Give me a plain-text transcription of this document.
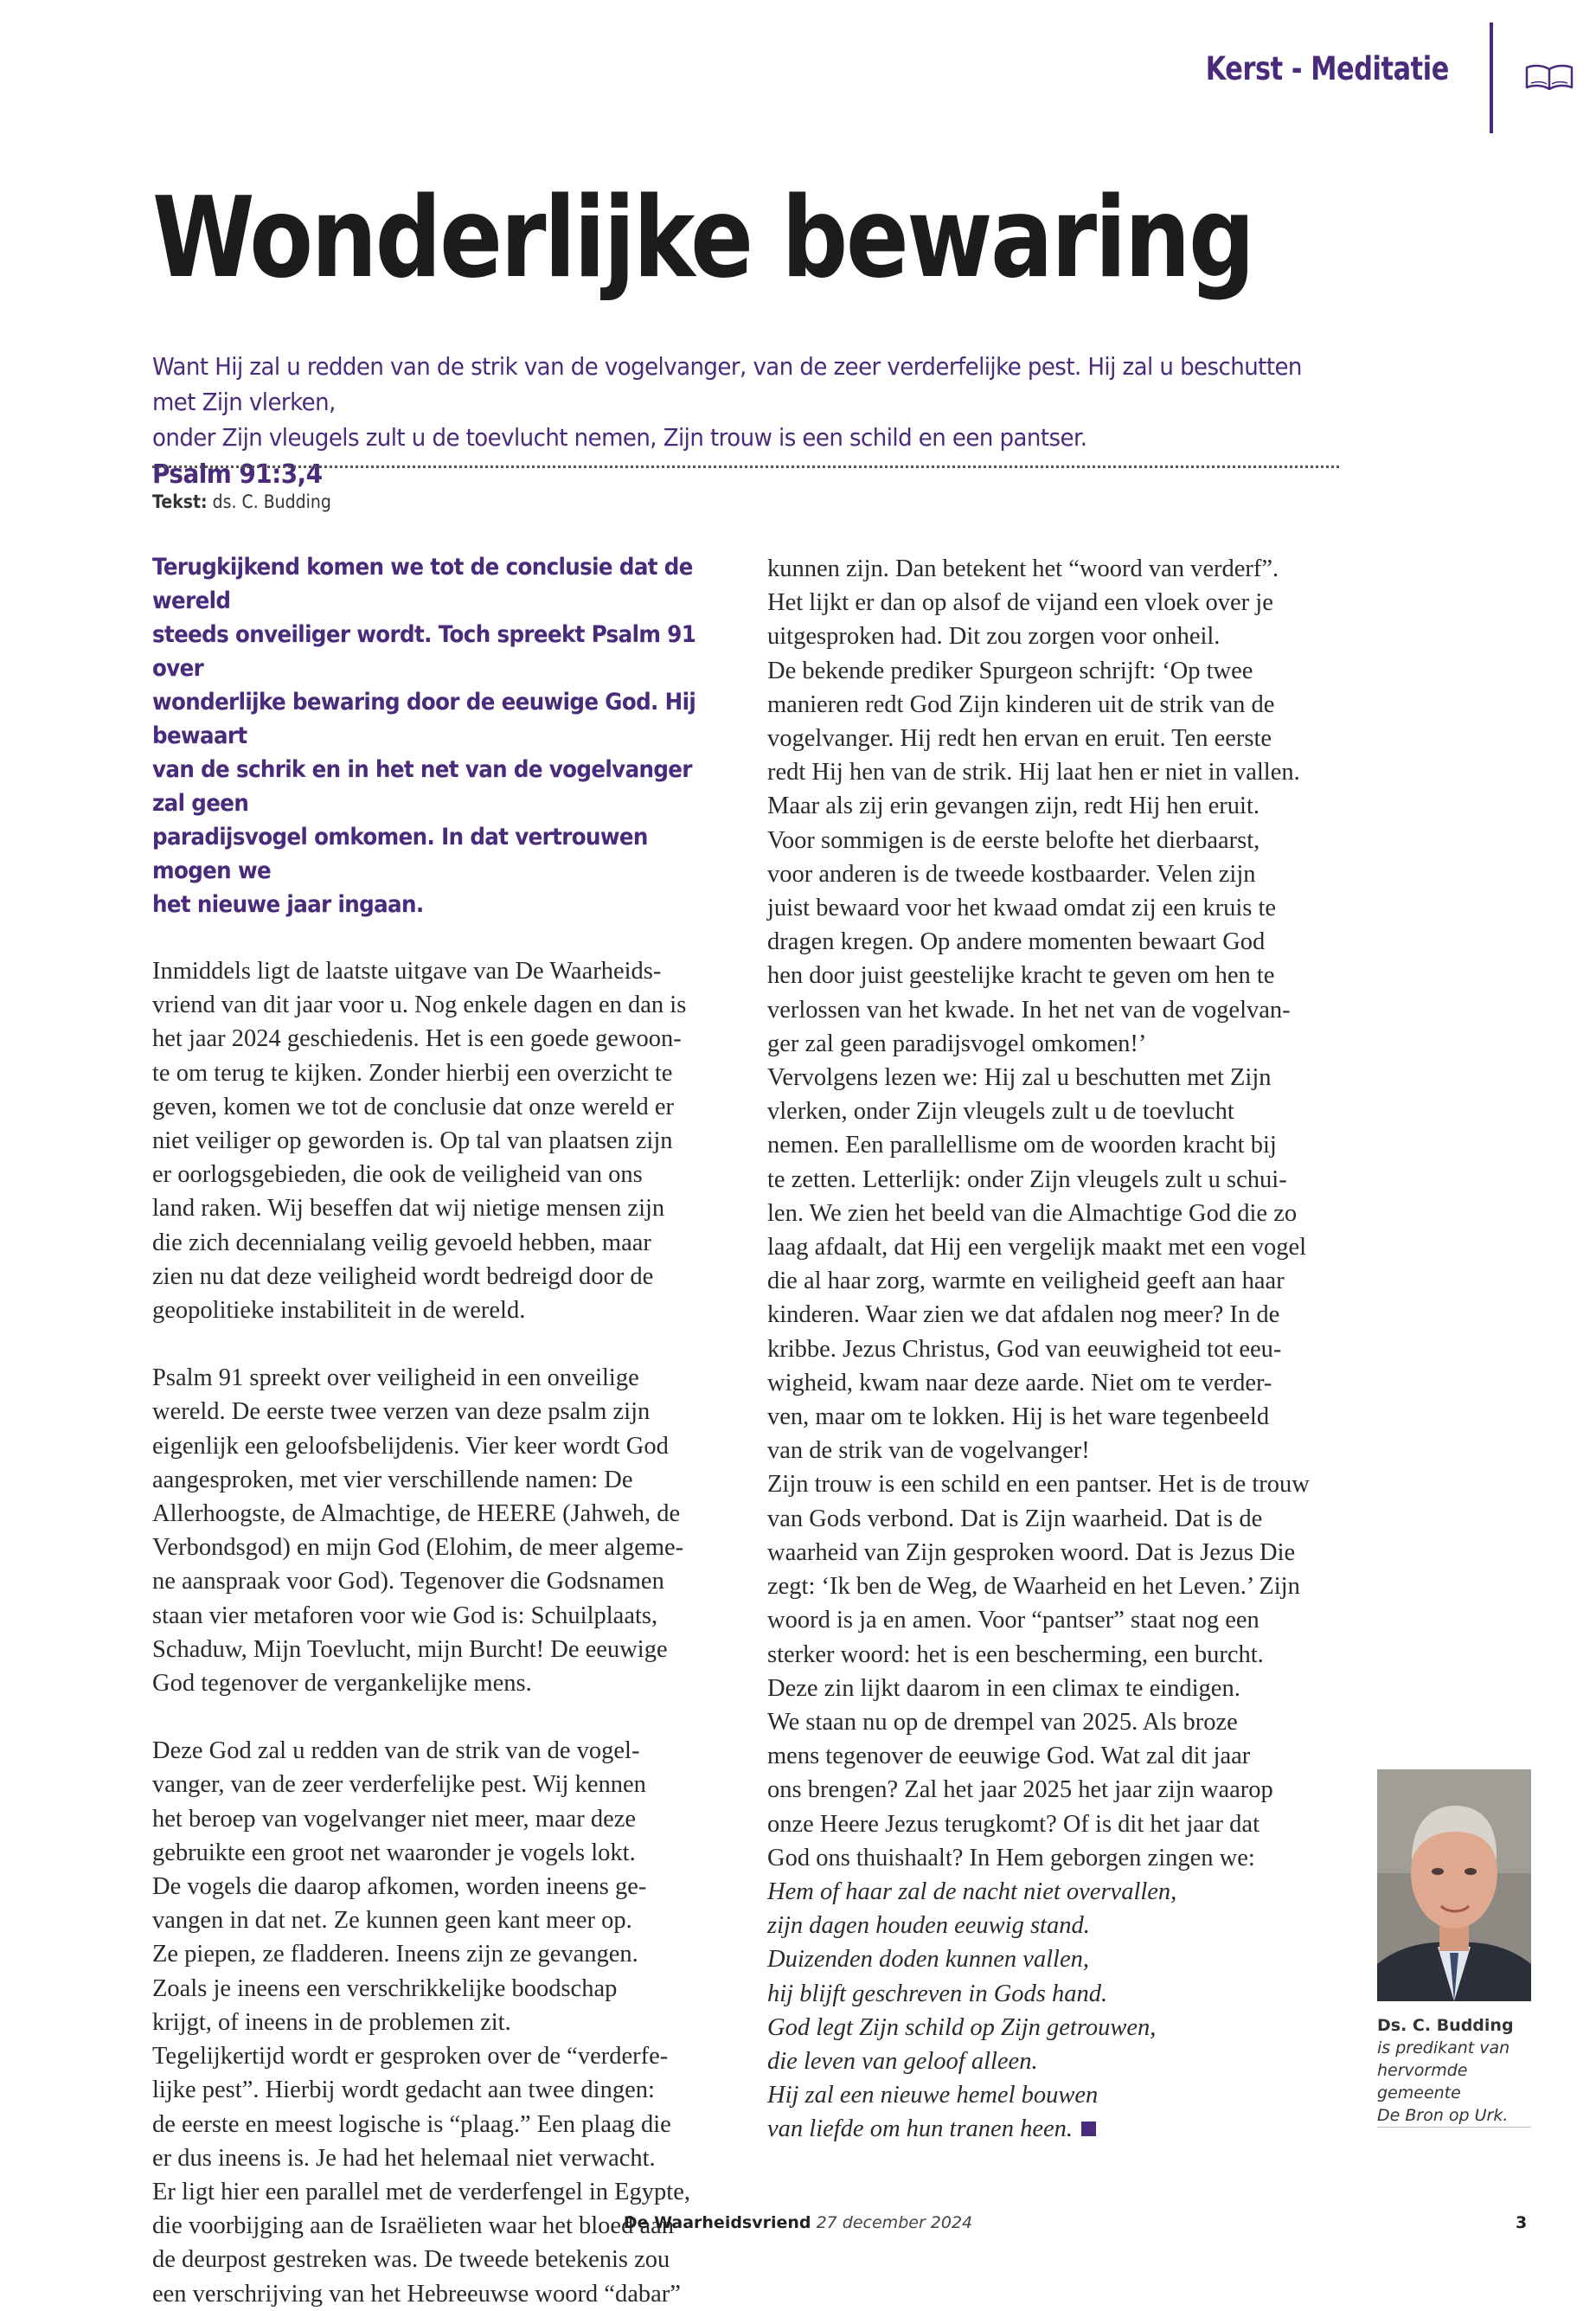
Kerst - Meditatie
Wonderlijke bewaring
Want Hij zal u redden van de strik van de vogelvanger, van de zeer verderfelijke pest. Hij zal u beschutten met Zijn vlerken,
onder Zijn vleugels zult u de toevlucht nemen, Zijn trouw is een schild en een pantser.
Psalm 91:3,4
Tekst: ds. C. Budding
Terugkijkend komen we tot de conclusie dat de wereld
steeds onveiliger wordt. Toch spreekt Psalm 91 over
wonderlijke bewaring door de eeuwige God. Hij bewaart
van de schrik en in het net van de vogelvanger zal geen
paradijsvogel omkomen. In dat vertrouwen mogen we
het nieuwe jaar ingaan.
Inmiddels ligt de laatste uitgave van De Waarheids-
vriend van dit jaar voor u. Nog enkele dagen en dan is
het jaar 2024 geschiedenis. Het is een goede gewoon-
te om terug te kijken. Zonder hierbij een overzicht te
geven, komen we tot de conclusie dat onze wereld er
niet veiliger op geworden is. Op tal van plaatsen zijn
er oorlogsgebieden, die ook de veiligheid van ons
land raken. Wij beseffen dat wij nietige mensen zijn
die zich decennialang veilig gevoeld hebben, maar
zien nu dat deze veiligheid wordt bedreigd door de
geopolitieke instabiliteit in de wereld.
Psalm 91 spreekt over veiligheid in een onveilige
wereld. De eerste twee verzen van deze psalm zijn
eigenlijk een geloofsbelijdenis. Vier keer wordt God
aangesproken, met vier verschillende namen: De
Allerhoogste, de Almachtige, de HEERE (Jahweh, de
Verbondsgod) en mijn God (Elohim, de meer algeme-
ne aanspraak voor God). Tegenover die Godsnamen
staan vier metaforen voor wie God is: Schuilplaats,
Schaduw, Mijn Toevlucht, mijn Burcht! De eeuwige
God tegenover de vergankelijke mens.
Deze God zal u redden van de strik van de vogel-
vanger, van de zeer verderfelijke pest. Wij kennen
het beroep van vogelvanger niet meer, maar deze
gebruikte een groot net waaronder je vogels lokt.
De vogels die daarop afkomen, worden ineens ge-
vangen in dat net. Ze kunnen geen kant meer op.
Ze piepen, ze fladderen. Ineens zijn ze gevangen.
Zoals je ineens een verschrikkelijke boodschap
krijgt, of ineens in de problemen zit.
Tegelijkertijd wordt er gesproken over de “verderfe-
lijke pest”. Hierbij wordt gedacht aan twee dingen:
de eerste en meest logische is “plaag.” Een plaag die
er dus ineens is. Je had het helemaal niet verwacht.
Er ligt hier een parallel met de verderfengel in Egypte,
die voorbijging aan de Israëlieten waar het bloed aan
de deurpost gestreken was. De tweede betekenis zou
een verschrijving van het Hebreeuwse woord “dabar”
kunnen zijn. Dan betekent het “woord van verderf”.
Het lijkt er dan op alsof de vijand een vloek over je
uitgesproken had. Dit zou zorgen voor onheil.
De bekende prediker Spurgeon schrijft: ‘Op twee
manieren redt God Zijn kinderen uit de strik van de
vogelvanger. Hij redt hen ervan en eruit. Ten eerste
redt Hij hen van de strik. Hij laat hen er niet in vallen.
Maar als zij erin gevangen zijn, redt Hij hen eruit.
Voor sommigen is de eerste belofte het dierbaarst,
voor anderen is de tweede kostbaarder. Velen zijn
juist bewaard voor het kwaad omdat zij een kruis te
dragen kregen. Op andere momenten bewaart God
hen door juist geestelijke kracht te geven om hen te
verlossen van het kwade. In het net van de vogelvan-
ger zal geen paradijsvogel omkomen!’
Vervolgens lezen we: Hij zal u beschutten met Zijn
vlerken, onder Zijn vleugels zult u de toevlucht
nemen. Een parallellisme om de woorden kracht bij
te zetten. Letterlijk: onder Zijn vleugels zult u schui-
len. We zien het beeld van die Almachtige God die zo
laag afdaalt, dat Hij een vergelijk maakt met een vogel
die al haar zorg, warmte en veiligheid geeft aan haar
kinderen. Waar zien we dat afdalen nog meer? In de
kribbe. Jezus Christus, God van eeuwigheid tot eeu-
wigheid, kwam naar deze aarde. Niet om te verder-
ven, maar om te lokken. Hij is het ware tegenbeeld
van de strik van de vogelvanger!
Zijn trouw is een schild en een pantser. Het is de trouw
van Gods verbond. Dat is Zijn waarheid. Dat is de
waarheid van Zijn gesproken woord. Dat is Jezus Die
zegt: ‘Ik ben de Weg, de Waarheid en het Leven.’ Zijn
woord is ja en amen. Voor “pantser” staat nog een
sterker woord: het is een bescherming, een burcht.
Deze zin lijkt daarom in een climax te eindigen.
We staan nu op de drempel van 2025. Als broze
mens tegenover de eeuwige God. Wat zal dit jaar
ons brengen? Zal het jaar 2025 het jaar zijn waarop
onze Heere Jezus terugkomt? Of is dit het jaar dat
God ons thuishaalt? In Hem geborgen zingen we:
Hem of haar zal de nacht niet overvallen,
zijn dagen houden eeuwig stand.
Duizenden doden kunnen vallen,
hij blijft geschreven in Gods hand.
God legt Zijn schild op Zijn getrouwen,
die leven van geloof alleen.
Hij zal een nieuwe hemel bouwen
van liefde om hun tranen heen.
Ds. C. Budding
is predikant van
hervormde gemeente
De Bron op Urk.
De Waarheidsvriend 27 december 2024	3
